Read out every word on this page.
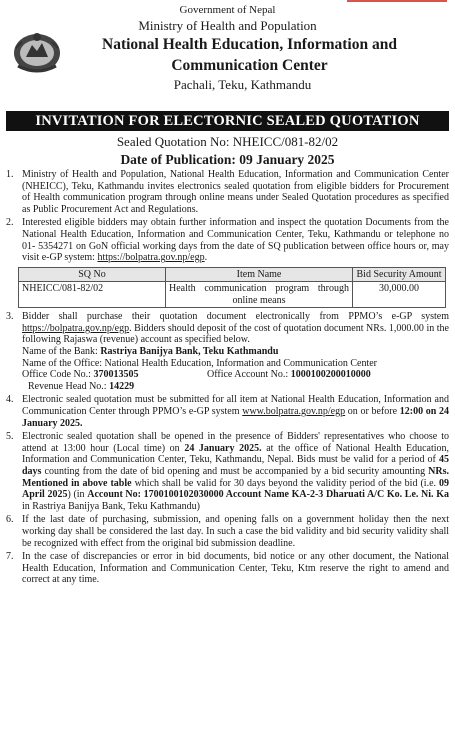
Government of Nepal
Ministry of Health and Population
National Health Education, Information and
Communication Center
Pachali, Teku, Kathmandu
INVITATION FOR ELECTORNIC SEALED QUOTATION
Sealed Quotation No: NHEICC/081-82/02
Date of Publication: 09 January 2025
1. Ministry of Health and Population, National Health Education, Information and Communication Center (NHEICC), Teku, Kathmandu invites electronics sealed quotation from eligible bidders for Procurement of Health communication program through online means under Sealed Quotation procedures as specified as Public Procurement Act and Regulations.
2. Interested eligible bidders may obtain further information and inspect the quotation Documents from the National Health Education, Information and Communication Center, Teku, Kathmandu or telephone no 01- 5354271 on GoN official working days from the date of SQ publication between office hours or, may visit e-GP system: https://bolpatra.gov.np/egp.
SQ No	Item Name	Bid Security Amount
NHEICC/081-82/02	Health communication program through online means	30,000.00
3. Bidder shall purchase their quotation document electronically from PPMO’s e-GP system https://bolpatra.gov.np/egp. Bidders should deposit of the cost of quotation document NRs. 1,000.00 in the following Rajaswa (revenue) account as specified below.
Name of the Bank: Rastriya Banijya Bank, Teku Kathmandu
Name of the Office: National Health Education, Information and Communication Center
Office Code No.: 370013505	Office Account No.: 1000100200010000
Revenue Head No.: 14229
4. Electronic sealed quotation must be submitted for all item at National Health Education, Information and Communication Center through PPMO’s e-GP system www.bolpatra.gov.np/egp on or before 12:00 on 24 January 2025.
5. Electronic sealed quotation shall be opened in the presence of Bidders' representatives who choose to attend at 13:00 hour (Local time) on 24 January 2025. at the office of National Health Education, Information and Communication Center, Teku, Kathmandu, Nepal. Bids must be valid for a period of 45 days counting from the date of bid opening and must be accompanied by a bid security amounting NRs. Mentioned in above table which shall be valid for 30 days beyond the validity period of the bid (i.e. 09 April 2025) (in Account No: 1700100102030000 Account Name KA-2-3 Dharuati A/C Ko. Le. Ni. Ka in Rastriya Banijya Bank, Teku Kathmandu)
6. If the last date of purchasing, submission, and opening falls on a government holiday then the next working day shall be considered the last day. In such a case the bid validity and bid security validity shall be recognized with effect from the original bid submission deadline.
7. In the case of discrepancies or error in bid documents, bid notice or any other document, the National Health Education, Information and Communication Center, Teku, Ktm reserve the right to amend and correct at any time.
